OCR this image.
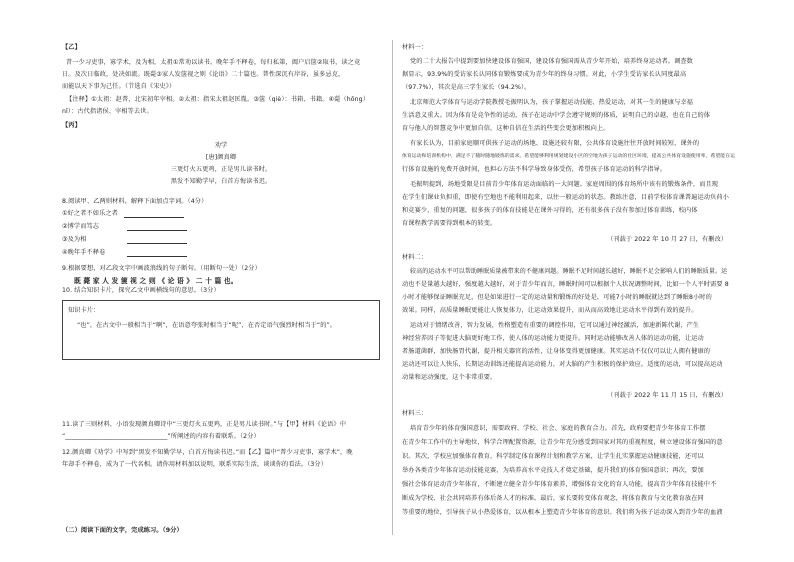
【乙】
昔一少习吏事，寡学术，及为相，太祖①常劝以读书。晚年手不释卷，每归私第，阖户启箧②取书，读之竟
日。及次日临政，处决如流。既薨③家人发箧视之则《论语》二十篇也。普性深沉有岸谷，虽多忌克，
而能以天下事为己任。（节选自《宋史》）
【注释】①太祖：赵普，北宋初年宰相。②太祖：指宋太祖赵匡胤。③箧（qiè）：书箱、书籍。④薨（hōng）
nǐ）：古代指诸侯、宰相等去世。
【丙】
劝学
[唐]颜真卿
三更灯火五更鸡，正是男儿读书时。
黑发不知勤学早，白首方悔读书迟。
8.阅读甲、乙两则材料，解释下面加点字词。（4分）
①好之者不如乐之者
②博学而笃志
③及为相
④晚年手不释卷
9.根据要想，对乙段文字中画波浪线的句子断句。（用断句一处）（2分）
既 薨 家 人 发 箧 视 之 则 《 论 语 》 二 十 篇 也。
10. 结合知识卡片，探究乙文中画横线句的意思。（3分）
知识卡片：
“也”，在古文中一般相当于“啊”，在语意夸张时相当于“呢”，在否定语气强烈时相当于“的”。
11.读了三则材料，小语发现颜真卿诗中“三更灯火五更鸡，正是男儿读书时。”与【甲】材料《论语》中
“________________________________”所阐述的内容有着联系。（2分）
12.颜真卿《劝学》中写到“黑发不知勤学早，白首方悔读书迟。”而【乙】篇中“普少习吏事，寡学术”，晚
年却手不释卷，成为了一代名相。请你用材料加以说明，联系实际生活，谈谈你的看法。（3分）
（二）阅读下面的文字，完成练习。（9分）
材料一：
党的二十大报告中提到要加快建设体育强国，建设体育强国需从青少年开始，培养终身运动者。调查数
据显示，93.9%的受访家长认同体育锻炼要成为青少年的终身习惯。对此，小学生受访家长认同度最高
（97.7%），其次是高三学生家长（94.2%）。
北京师范大学体育与运动学院教授毛振明认为，孩子掌握运动技能、热爱运动，对其一生的健康与幸福
生活意义重大。因为体育是竞争性的运动，孩子在运动中学会遵守规则的体质，证明自己的卓越，也在自己的体
育与他人的智慧竞争中更加自信，这种自信在生活的些变会更加积极向上。
有家长认为，目前家庭顺可供孩子运动的场地、设施还较有限，公共体育设施往往开放时间较短，课外的
体育运动和培训机构中，满足不了随时随地锻炼的需求。希望能够利用规划建设小区的空地为孩子运动的社区环境，提高公共体育设施使用率，希望能在运
行体育设施的免费开放时间，也担心方法不科学导致身体受伤，希望孩子体育运动的科学指导。
毛振明提到，场地受限是目前青少年体育运动面临的一大问题。家庭周围的体育场所中该有的锻炼条件，而且现
在学生们课业负担重，即使有空地也不能利用起来，以往一般运动的状态。教练注意，目前学校体育课普遍运动负荷小
和竞赛少，重复的问题，很多孩子的体育技能是在课外习得的，还有很多孩子没有参加过体育训练，校内体
育课程教学需要得到根本的转变。
（刊载于 2022 年 10 月 27 日，有删改）
材料二：
较高的运动水平可以帮助睡眠质量被带来的不健康问题。睡眠不足时间越长越好，睡眠不足会影响人们的睡眠质量。运
动也不是量越大越好，强度越大越好，对于青少年而言，睡眠时间可以根据个人状况调整时间，比如一个人平时需要 8
小时才能够保证睡眠充足，但是如果进行一定的运动量和锻炼的好处是，可能7小时的睡眠就达到了睡眠8小时的
效果。同样，高质量睡眠更能让人恢复体力，让运动效果提升，而从而高效地让运动水平得到有效的提升。
运动对于情绪改善，智力发展，性格塑造有重要的调控作用，它可以通过神经激活，加速新陈代谢，产生
神经营养因子等促进大脑更好地工作，使人体的运动能力更提升。同时运动能够改善人体的运动功能，让运动
者肠道菌群，加快肠胃代谢，提升相关器官的活性，让身体变得更加健康。其实运动不仅仅可以让人拥有健康的
运动还可以让人快乐，长期运动训练还能提高运动能力，对大脑的产生积极的保护效应。适度的运动，可以提高运动
动量和运动强度，这个非常重要。
（刊载于 2022 年 11 月 15 日，有删改）
材料三：
培育青少年的体育强国意识，需要政府、学校、社会、家庭的教育合力。首先，政府要把青少年体育工作摆
在青少年工作中的主导地位，科学合理配置资源，让青少年充分感受到国家对其的重视程度，树立建设体育强国的意
识。其次，学校应加强体育教育，科学制定体育课程计划和教学方案，让学生扎实掌握运动健康技能，还可以
举办各类青少年体育运动技能竞赛，为培养高水平竞技人才奠定基础，提升我们的体育强国意识；再次，要加
强社会体育运动青少年体育，不断建立健全青少年体育素养，增强体育文化的育人功能，提高青少年体育技能中不
断成为学校、社会共同培养有体后备人才的标准。最后，家长要转变体育观念，将体育教育与文化教育放在同
等重要的地位，引导孩子从小热爱体育，以从根本上塑造青少年体育的意识。我们将为孩子运动深入到青少年的血液
